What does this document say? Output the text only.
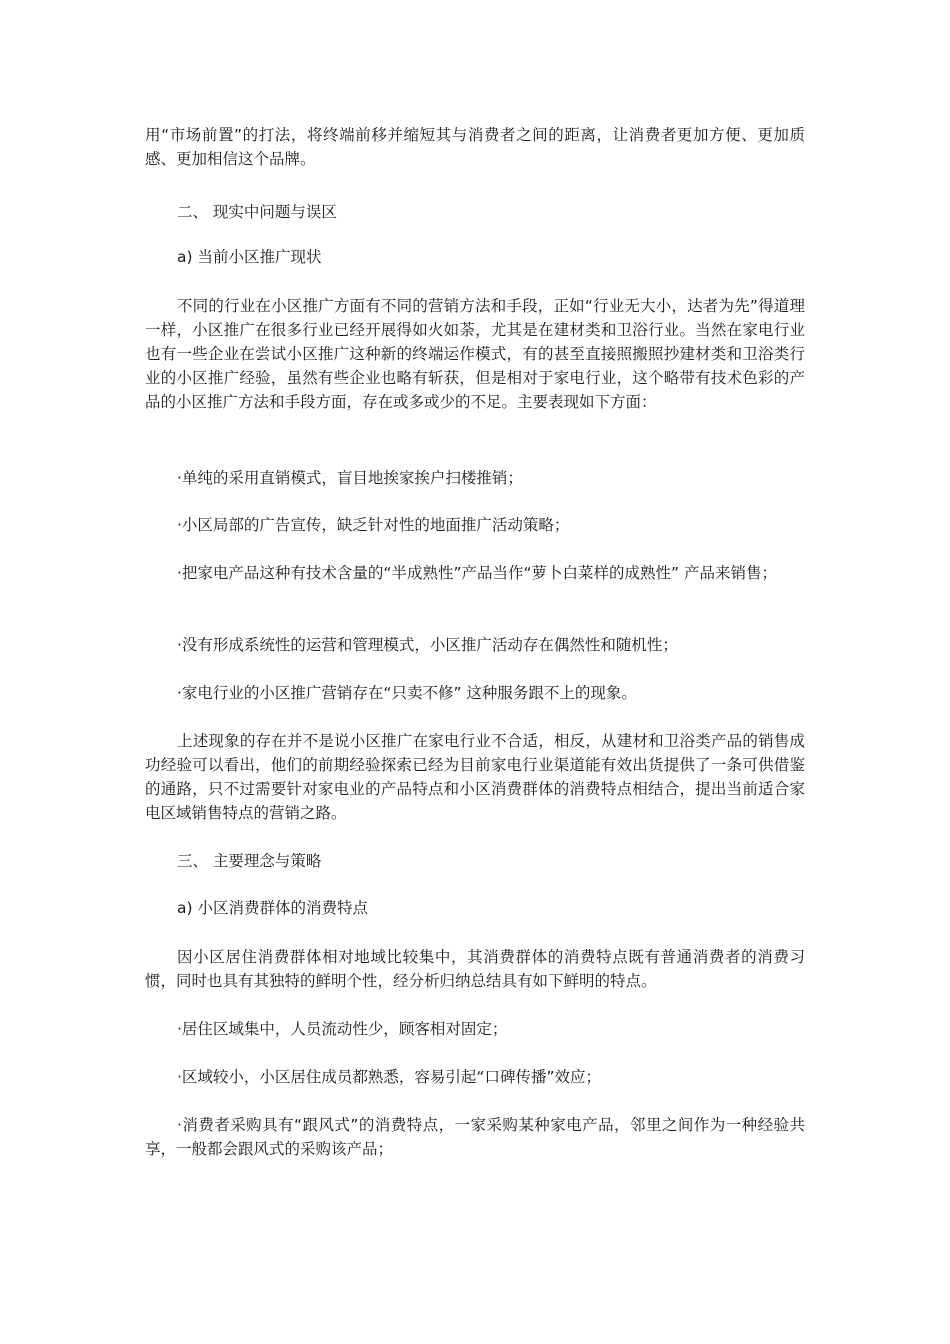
用“市场前置”的打法，将终端前移并缩短其与消费者之间的距离，让消费者更加方便、更加质感、更加相信这个品牌。

二、 现实中问题与误区

a) 当前小区推广现状

不同的行业在小区推广方面有不同的营销方法和手段，正如“行业无大小，达者为先”得道理一样，小区推广在很多行业已经开展得如火如荼，尤其是在建材类和卫浴行业。当然在家电行业也有一些企业在尝试小区推广这种新的终端运作模式，有的甚至直接照搬照抄建材类和卫浴类行业的小区推广经验，虽然有些企业也略有斩获，但是相对于家电行业，这个略带有技术色彩的产品的小区推广方法和手段方面，存在或多或少的不足。主要表现如下方面：

·单纯的采用直销模式，盲目地挨家挨户扫楼推销；

·小区局部的广告宣传，缺乏针对性的地面推广活动策略；

·把家电产品这种有技术含量的“半成熟性”产品当作“萝卜白菜样的成熟性” 产品来销售；

·没有形成系统性的运营和管理模式，小区推广活动存在偶然性和随机性；

·家电行业的小区推广营销存在“只卖不修” 这种服务跟不上的现象。

上述现象的存在并不是说小区推广在家电行业不合适，相反，从建材和卫浴类产品的销售成功经验可以看出，他们的前期经验探索已经为目前家电行业渠道能有效出货提供了一条可供借鉴的通路，只不过需要针对家电业的产品特点和小区消费群体的消费特点相结合，提出当前适合家电区域销售特点的营销之路。

三、 主要理念与策略

a) 小区消费群体的消费特点

因小区居住消费群体相对地域比较集中，其消费群体的消费特点既有普通消费者的消费习惯，同时也具有其独特的鲜明个性，经分析归纳总结具有如下鲜明的特点。

·居住区域集中，人员流动性少，顾客相对固定；

·区域较小，小区居住成员都熟悉，容易引起“口碑传播”效应；

·消费者采购具有“跟风式”的消费特点，一家采购某种家电产品，邻里之间作为一种经验共享，一般都会跟风式的采购该产品；
